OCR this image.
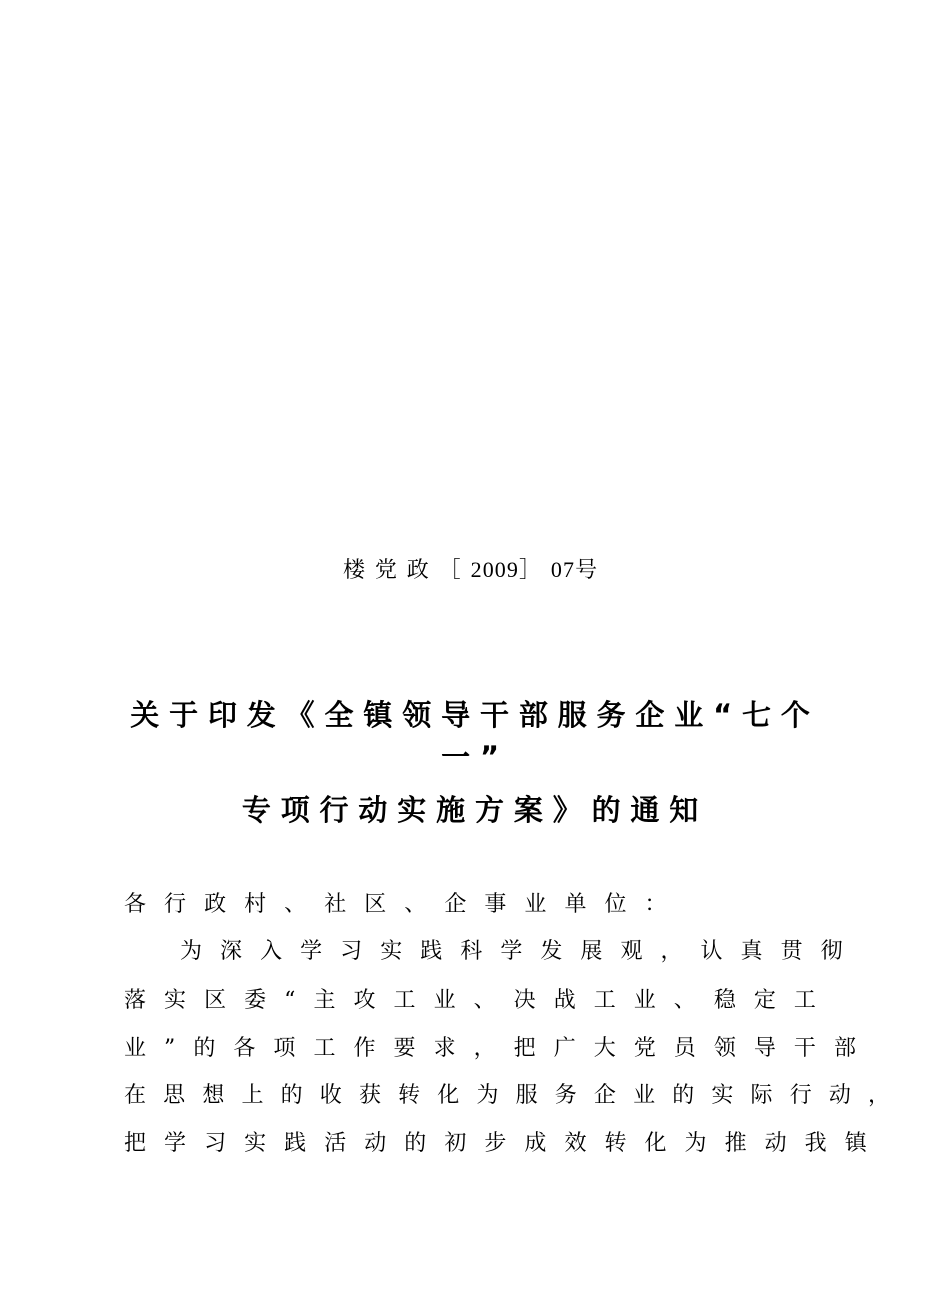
楼党政［2009］07号
关于印发《全镇领导干部服务企业“七个
一”
专项行动实施方案》的通知
各行政村、社区、企事业单位：
为深入学习实践科学发展观，认真贯彻
落实区委“主攻工业、决战工业、稳定工
业”的各项工作要求，把广大党员领导干部
在思想上的收获转化为服务企业的实际行动，
把学习实践活动的初步成效转化为推动我镇
